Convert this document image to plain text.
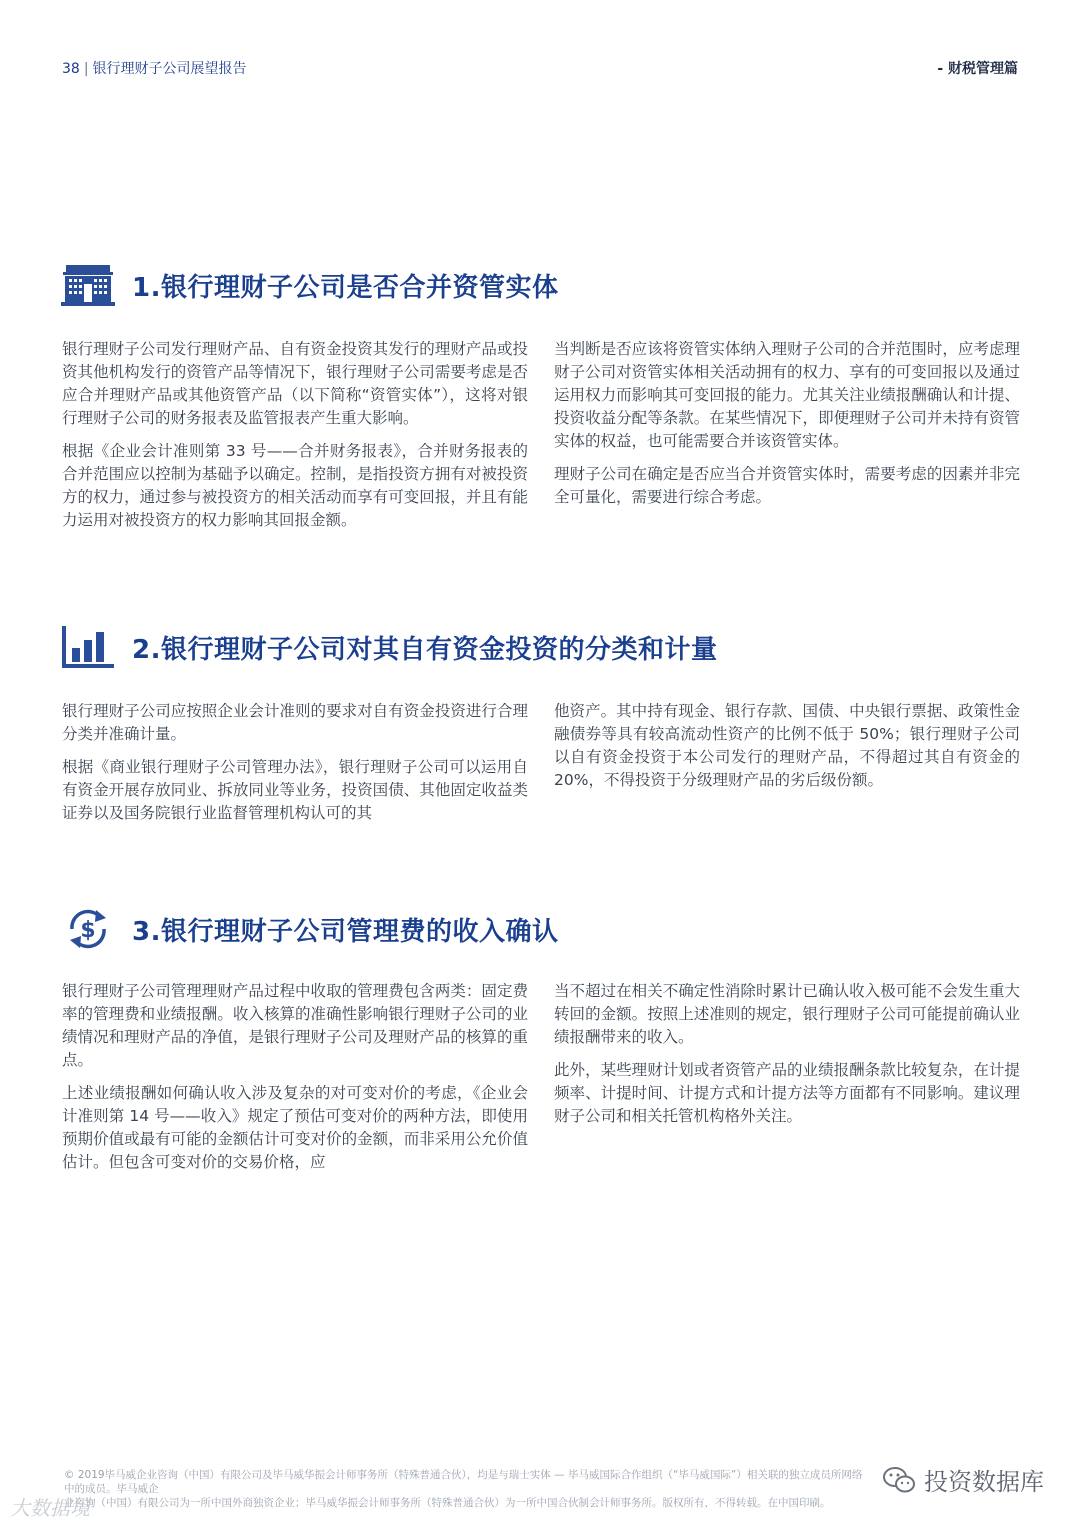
38 | 银行理财子公司展望报告	- 财税管理篇
1.银行理财子公司是否合并资管实体

银行理财子公司发行理财产品、自有资金投资其发行的理财产品或投资其他机构发行的资管产品等情况下，银行理财子公司需要考虑是否应合并理财产品或其他资管产品（以下简称“资管实体”），这将对银行理财子公司的财务报表及监管报表产生重大影响。

根据《企业会计准则第 33 号——合并财务报表》，合并财务报表的合并范围应以控制为基础予以确定。控制，是指投资方拥有对被投资方的权力，通过参与被投资方的相关活动而享有可变回报，并且有能力运用对被投资方的权力影响其回报金额。

当判断是否应该将资管实体纳入理财子公司的合并范围时，应考虑理财子公司对资管实体相关活动拥有的权力、享有的可变回报以及通过运用权力而影响其可变回报的能力。尤其关注业绩报酬确认和计提、投资收益分配等条款。在某些情况下，即便理财子公司并未持有资管实体的权益，也可能需要合并该资管实体。

理财子公司在确定是否应当合并资管实体时，需要考虑的因素并非完全可量化，需要进行综合考虑。

2.银行理财子公司对其自有资金投资的分类和计量

银行理财子公司应按照企业会计准则的要求对自有资金投资进行合理分类并准确计量。

根据《商业银行理财子公司管理办法》，银行理财子公司可以运用自有资金开展存放同业、拆放同业等业务，投资国债、其他固定收益类证券以及国务院银行业监督管理机构认可的其

他资产。其中持有现金、银行存款、国债、中央银行票据、政策性金融债券等具有较高流动性资产的比例不低于 50%；银行理财子公司以自有资金投资于本公司发行的理财产品，不得超过其自有资金的 20%，不得投资于分级理财产品的劣后级份额。

$ 3.银行理财子公司管理费的收入确认

银行理财子公司管理理财产品过程中收取的管理费包含两类：固定费率的管理费和业绩报酬。收入核算的准确性影响银行理财子公司的业绩情况和理财产品的净值，是银行理财子公司及理财产品的核算的重点。

上述业绩报酬如何确认收入涉及复杂的对可变对价的考虑，《企业会计准则第 14 号——收入》规定了预估可变对价的两种方法，即使用预期价值或最有可能的金额估计可变对价的金额，而非采用公允价值估计。但包含可变对价的交易价格，应

当不超过在相关不确定性消除时累计已确认收入极可能不会发生重大转回的金额。按照上述准则的规定，银行理财子公司可能提前确认业绩报酬带来的收入。

此外，某些理财计划或者资管产品的业绩报酬条款比较复杂，在计提频率、计提时间、计提方式和计提方法等方面都有不同影响。建议理财子公司和相关托管机构格外关注。

© 2019毕马威企业咨询（中国）有限公司及毕马威华振会计师事务所（特殊普通合伙），均是与瑞士实体 — 毕马威国际合作组织（“毕马威国际”）相关联的独立成员所网络中的成员。毕马威企
业咨询（中国）有限公司为一所中国外商独资企业；毕马威华振会计师事务所（特殊普通合伙）为一所中国合伙制会计师事务所。版权所有，不得转载。在中国印刷。
大数据境
投资数据库
